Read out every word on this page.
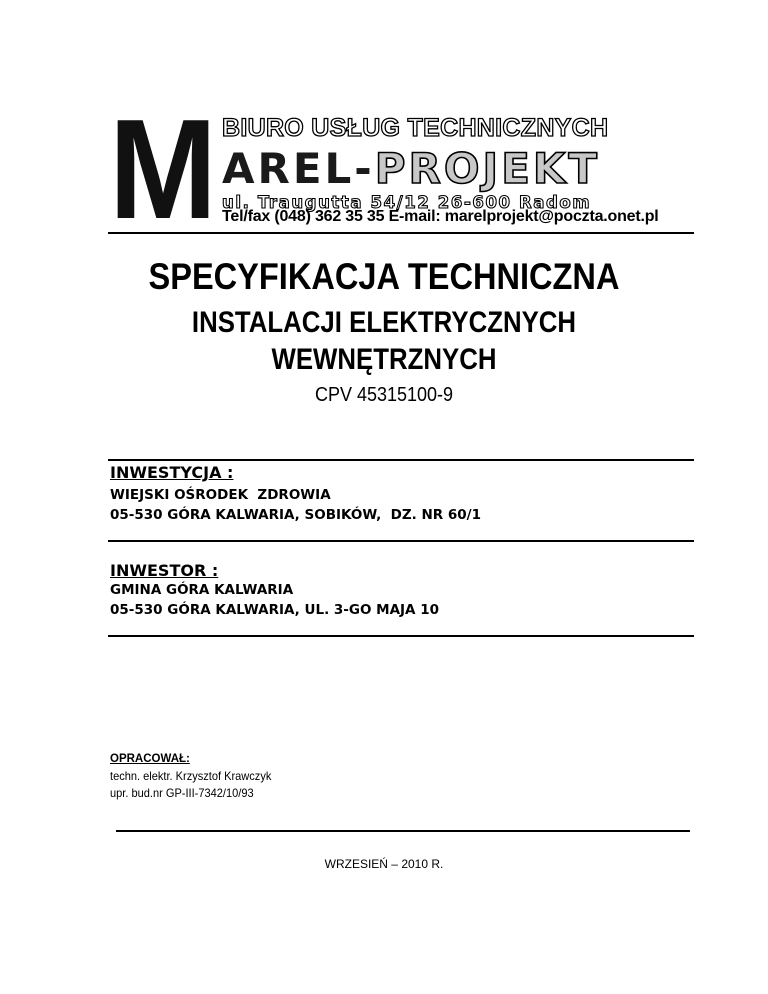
M BIURO USŁUG TECHNICZNYCH
AREL-PROJEKT
ul. Traugutta 54/12 26-600 Radom
Tel/fax (048) 362 35 35 E-mail: marelprojekt@poczta.onet.pl
SPECYFIKACJA TECHNICZNA
INSTALACJI ELEKTRYCZNYCH
WEWNĘTRZNYCH
CPV 45315100-9
INWESTYCJA :
WIEJSKI OŚRODEK  ZDROWIA
05-530 GÓRA KALWARIA, SOBIKÓW,  DZ. NR 60/1
INWESTOR :
GMINA GÓRA KALWARIA
05-530 GÓRA KALWARIA, UL. 3-GO MAJA 10
OPRACOWAŁ:
techn. elektr. Krzysztof Krawczyk
upr. bud.nr GP-III-7342/10/93
WRZESIEŃ – 2010 R.
